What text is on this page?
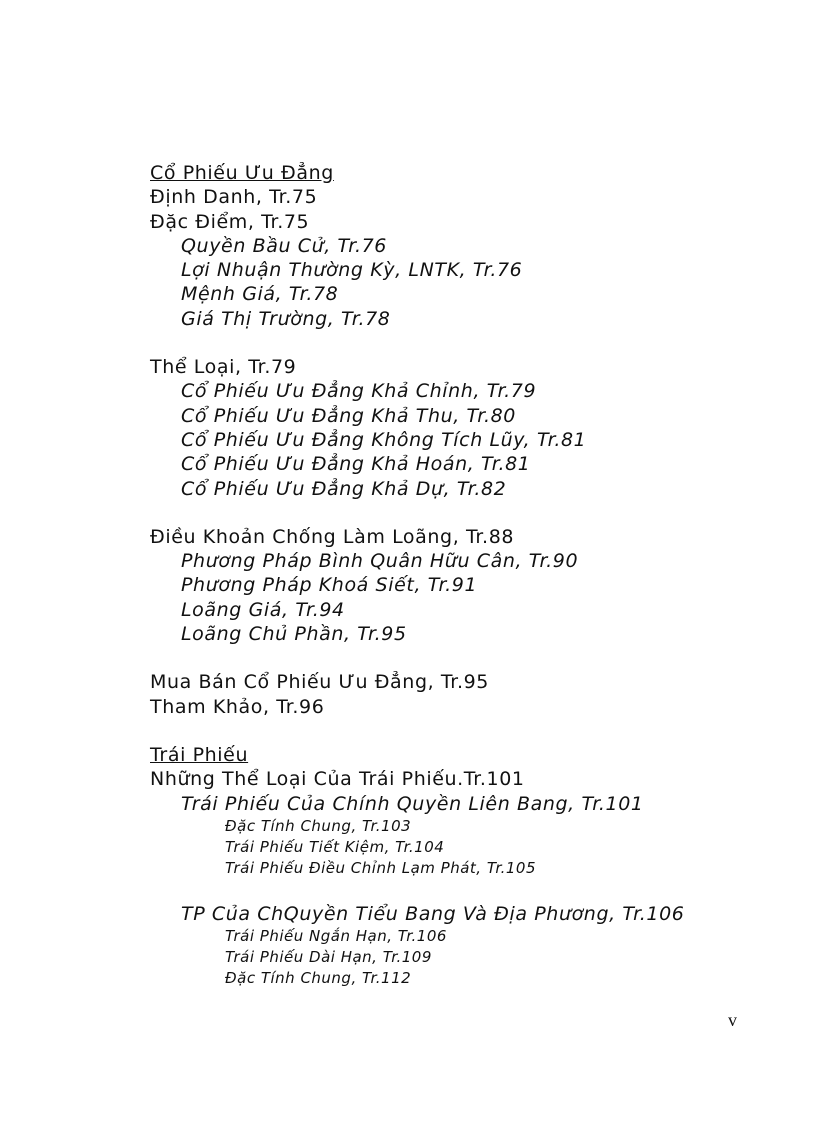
Cổ Phiếu Ưu Đẳng
Định Danh, Tr.75
Đặc Điểm, Tr.75
Quyền Bầu Cử, Tr.76
Lợi Nhuận Thường Kỳ, LNTK, Tr.76
Mệnh Giá, Tr.78
Giá Thị Trường, Tr.78
Thể Loại, Tr.79
Cổ Phiếu Ưu Đẳng Khả Chỉnh, Tr.79
Cổ Phiếu Ưu Đẳng Khả Thu, Tr.80
Cổ Phiếu Ưu Đẳng Không Tích Lũy, Tr.81
Cổ Phiếu Ưu Đẳng Khả Hoán, Tr.81
Cổ Phiếu Ưu Đẳng Khả Dự, Tr.82
Điều Khoản Chống Làm Loãng, Tr.88
Phương Pháp Bình Quân Hữu Cân, Tr.90
Phương Pháp Khoá Siết, Tr.91
Loãng Giá, Tr.94
Loãng Chủ Phần, Tr.95
Mua Bán Cổ Phiếu Ưu Đẳng, Tr.95
Tham Khảo, Tr.96
Trái Phiếu
Những Thể Loại Của Trái Phiếu.Tr.101
Trái Phiếu Của Chính Quyền Liên Bang, Tr.101
Đặc Tính Chung, Tr.103
Trái Phiếu Tiết Kiệm, Tr.104
Trái Phiếu Điều Chỉnh Lạm Phát, Tr.105
TP Của ChQuyền Tiểu Bang Và Địa Phương, Tr.106
Trái Phiếu Ngắn Hạn, Tr.106
Trái Phiếu Dài Hạn, Tr.109
Đặc Tính Chung, Tr.112
v
